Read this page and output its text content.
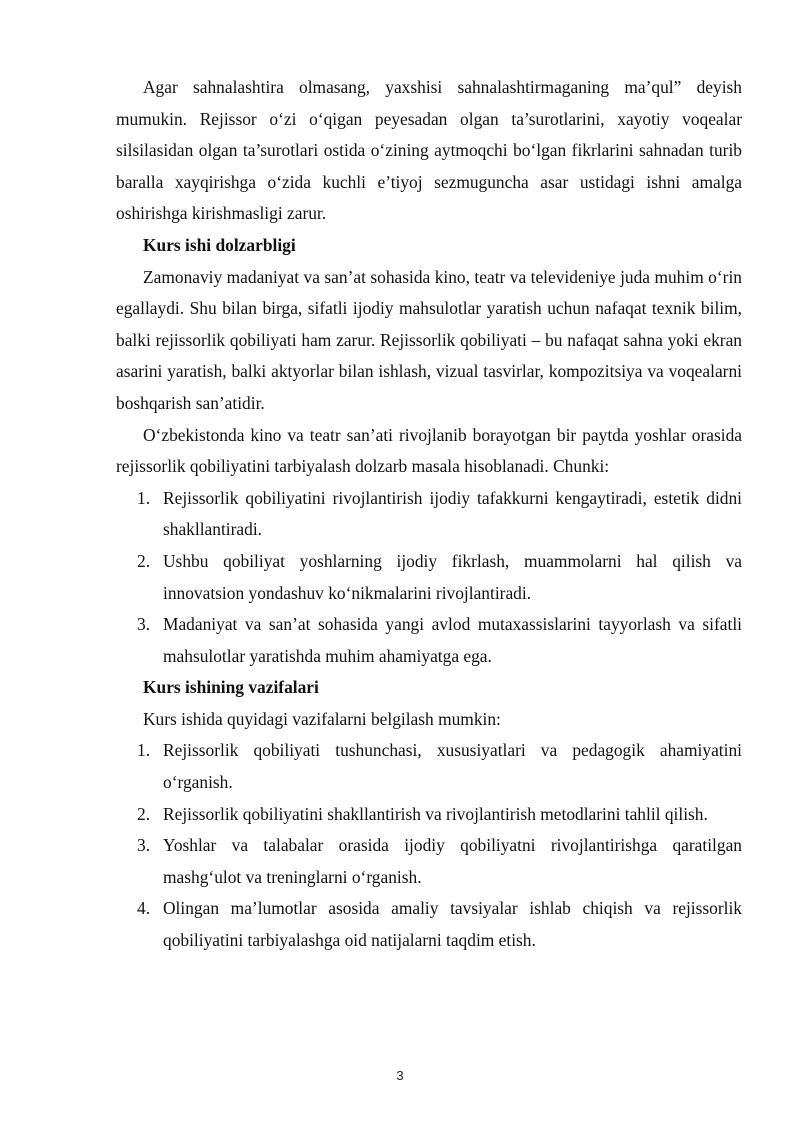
Agar sahnalashtira olmasang, yaxshisi sahnalashtirmaganing ma’qul” deyish mumukin. Rejissor o‘zi o‘qigan peyesadan olgan ta’surotlarini, xayotiy voqealar silsilasidan olgan ta’surotlari ostida o‘zining aytmoqchi bo‘lgan fikrlarini sahnadan turib baralla xayqirishga o‘zida kuchli e’tiyoj sezmuguncha asar ustidagi ishni amalga oshirishga kirishmasligi zarur.

Kurs ishi dolzarbligi

Zamonaviy madaniyat va san’at sohasida kino, teatr va televideniye juda muhim o‘rin egallaydi. Shu bilan birga, sifatli ijodiy mahsulotlar yaratish uchun nafaqat texnik bilim, balki rejissorlik qobiliyati ham zarur. Rejissorlik qobiliyati – bu nafaqat sahna yoki ekran asarini yaratish, balki aktyorlar bilan ishlash, vizual tasvirlar, kompozitsiya va voqealarni boshqarish san’atidir.

O‘zbekistonda kino va teatr san’ati rivojlanib borayotgan bir paytda yoshlar orasida rejissorlik qobiliyatini tarbiyalash dolzarb masala hisoblanadi. Chunki:

1. Rejissorlik qobiliyatini rivojlantirish ijodiy tafakkurni kengaytiradi, estetik didni shakllantiradi.
2. Ushbu qobiliyat yoshlarning ijodiy fikrlash, muammolarni hal qilish va innovatsion yondashuv ko‘nikmalarini rivojlantiradi.
3. Madaniyat va san’at sohasida yangi avlod mutaxassislarini tayyorlash va sifatli mahsulotlar yaratishda muhim ahamiyatga ega.
Kurs ishining vazifalari

Kurs ishida quyidagi vazifalarni belgilash mumkin:

1. Rejissorlik qobiliyati tushunchasi, xususiyatlari va pedagogik ahamiyatini o‘rganish.
2. Rejissorlik qobiliyatini shakllantirish va rivojlantirish metodlarini tahlil qilish.
3. Yoshlar va talabalar orasida ijodiy qobiliyatni rivojlantirishga qaratilgan mashg‘ulot va treninglarni o‘rganish.
4. Olingan ma’lumotlar asosida amaliy tavsiyalar ishlab chiqish va rejissorlik qobiliyatini tarbiyalashga oid natijalarni taqdim etish.
3
